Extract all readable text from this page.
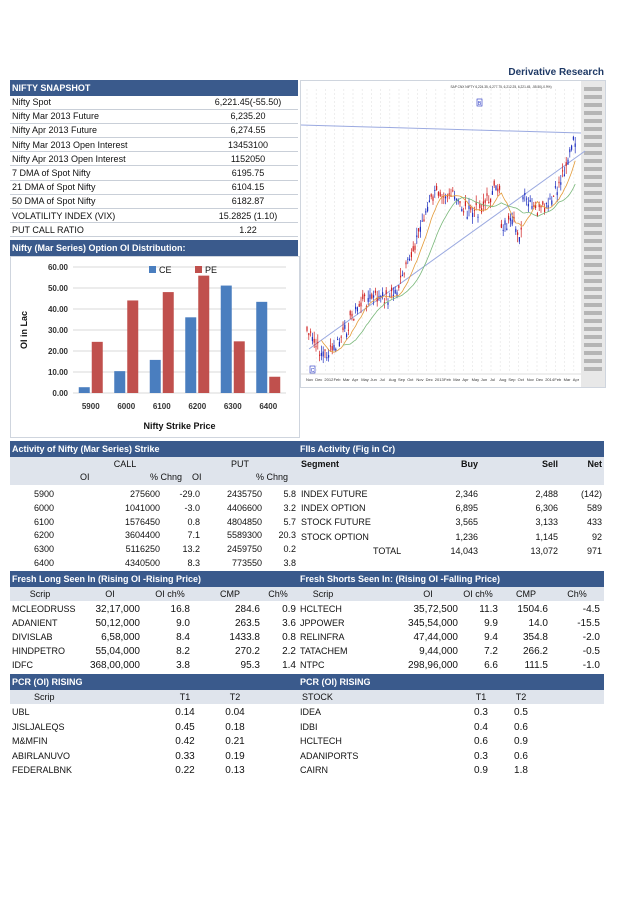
Derivative Research
NIFTY SNAPSHOT
Nifty Spot	6,221.45(-55.50)
Nifty Mar 2013 Future	6,235.20
Nifty Apr 2013 Future	6,274.55
Nifty Mar 2013 Open Interest	13453100
Nifty Apr 2013 Open Interest	1152050
7 DMA of Spot Nifty	6195.75
21 DMA of Spot Nifty	6104.15
50 DMA of Spot Nifty	6182.87
VOLATILITY INDEX (VIX)	15.2825 (1.10)
PUT CALL RATIO	1.22
SAP CNX NIFTY 6,224.35, 6,277.75, 6,212.25, 6,221.45, -55.50(-0.9%)
B
C
Nov Dec 2012 Feb Mar Apr May Jun Jul Aug Sep Oct Nov Dec 2013 Feb Mar Apr May Jun Jul Aug Sep Oct Nov Dec 2014 Feb Mar Apr
Nifty (Mar Series) Option OI Distribution:
0.00
10.00
20.00
30.00
40.00
50.00
60.00
5900 6000 6100 6200 6300 6400
Nifty Strike Price
OI in Lac
CE	PE
Activity of Nifty (Mar Series) Strike
CALL	PUT
OI	% Chng OI	% Chng
5900	275600	-29.0	2435750	5.8
6000	1041000	-3.0	4406600	3.2
6100	1576450	0.8	4804850	5.7
6200	3604400	7.1	5589300	20.3
6300	5116250	13.2	2459750	0.2
6400	4340500	8.3	773550	3.8
FIIs Activity (Fig in Cr)
Segment	Buy	Sell	Net
INDEX FUTURE	2,346	2,488	(142)
INDEX OPTION	6,895	6,306	589
STOCK FUTURE	3,565	3,133	433
STOCK OPTION	1,236	1,145	92
TOTAL	14,043	13,072	971
Fresh Long Seen In (Rising OI -Rising Price)
Scrip	OI	OI ch%	CMP	Ch%
MCLEODRUSS	32,17,000	16.8	284.6	0.9
ADANIENT	50,12,000	9.0	263.5	3.6
DIVISLAB	6,58,000	8.4	1433.8	0.8
HINDPETRO	55,04,000	8.2	270.2	2.2
IDFC	368,00,000	3.8	95.3	1.4
Fresh Shorts Seen In: (Rising OI -Falling Price)
Scrip	OI	OI ch%	CMP	Ch%
HCLTECH	35,72,500	11.3	1504.6	-4.5
JPPOWER	345,54,000	9.9	14.0	-15.5
RELINFRA	47,44,000	9.4	354.8	-2.0
TATACHEM	9,44,000	7.2	266.2	-0.5
NTPC	298,96,000	6.6	111.5	-1.0
PCR (OI) RISING
Scrip	T1	T2
UBL	0.14	0.04
JISLJALEQS	0.45	0.18
M&MFIN	0.42	0.21
ABIRLANUVO	0.33	0.19
FEDERALBNK	0.22	0.13
PCR (OI) RISING
STOCK	T1	T2
IDEA	0.3	0.5
IDBI	0.4	0.6
HCLTECH	0.6	0.9
ADANIPORTS	0.3	0.6
CAIRN	0.9	1.8
